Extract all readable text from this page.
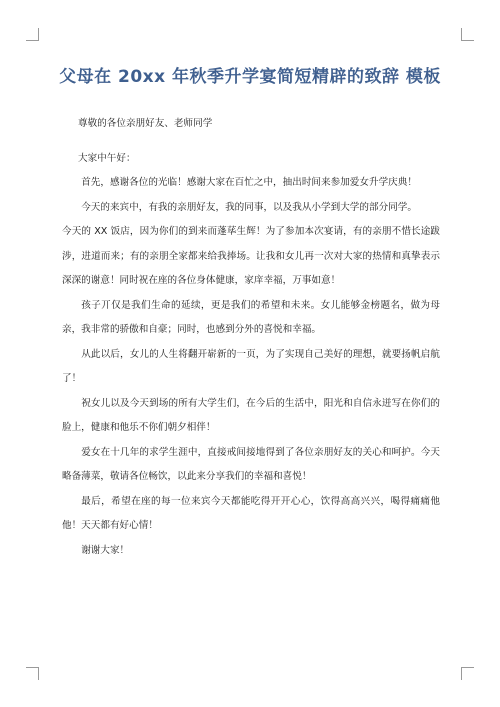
父母在 20xx 年秋季升学宴简短精辟的致辞 模板

尊敬的各位亲朋好友、老师同学

大家中午好：

首先，感谢各位的光临！感谢大家在百忙之中，抽出时间来参加爱女升学庆典！

今天的来宾中，有我的亲朋好友，我的同事，以及我从小学到大学的部分同学。

今天的 XX 饭店，因为你们的到来而蓬荜生辉！为了参加本次宴请，有的亲朋不惜长途跋涉，进道而来；有的亲朋全家都来给我捧场。让我和女儿再一次对大家的热情和真挚表示深深的谢意！同时祝在座的各位身体健康，家庠幸福，万事如意！

孩子丌仅是我们生命的延续，更是我们的希望和未来。女儿能够金榜题名，做为母亲，我非常的骄傲和自豪；同时，也感到分外的喜悦和幸福。

从此以后，女儿的人生将翻开崭新的一页，为了实现自己美好的理想，就要扬帆启航了！

祝女儿以及今天到场的所有大学生们，在今后的生活中，阳光和自信永迸写在你们的脸上，健康和他乐不你们朝夕相伴！

爱女在十几年的求学生涯中，直接戒间接地得到了各位亲朋好友的关心和呵护。今天略备薄菜，敬请各位畅饮，以此来分享我们的幸福和喜悦！

最后，希望在座的每一位来宾今天都能吃得开开心心，饮得高高兴兴，喝得痛痛他他！天天都有好心情！

谢谢大家！
